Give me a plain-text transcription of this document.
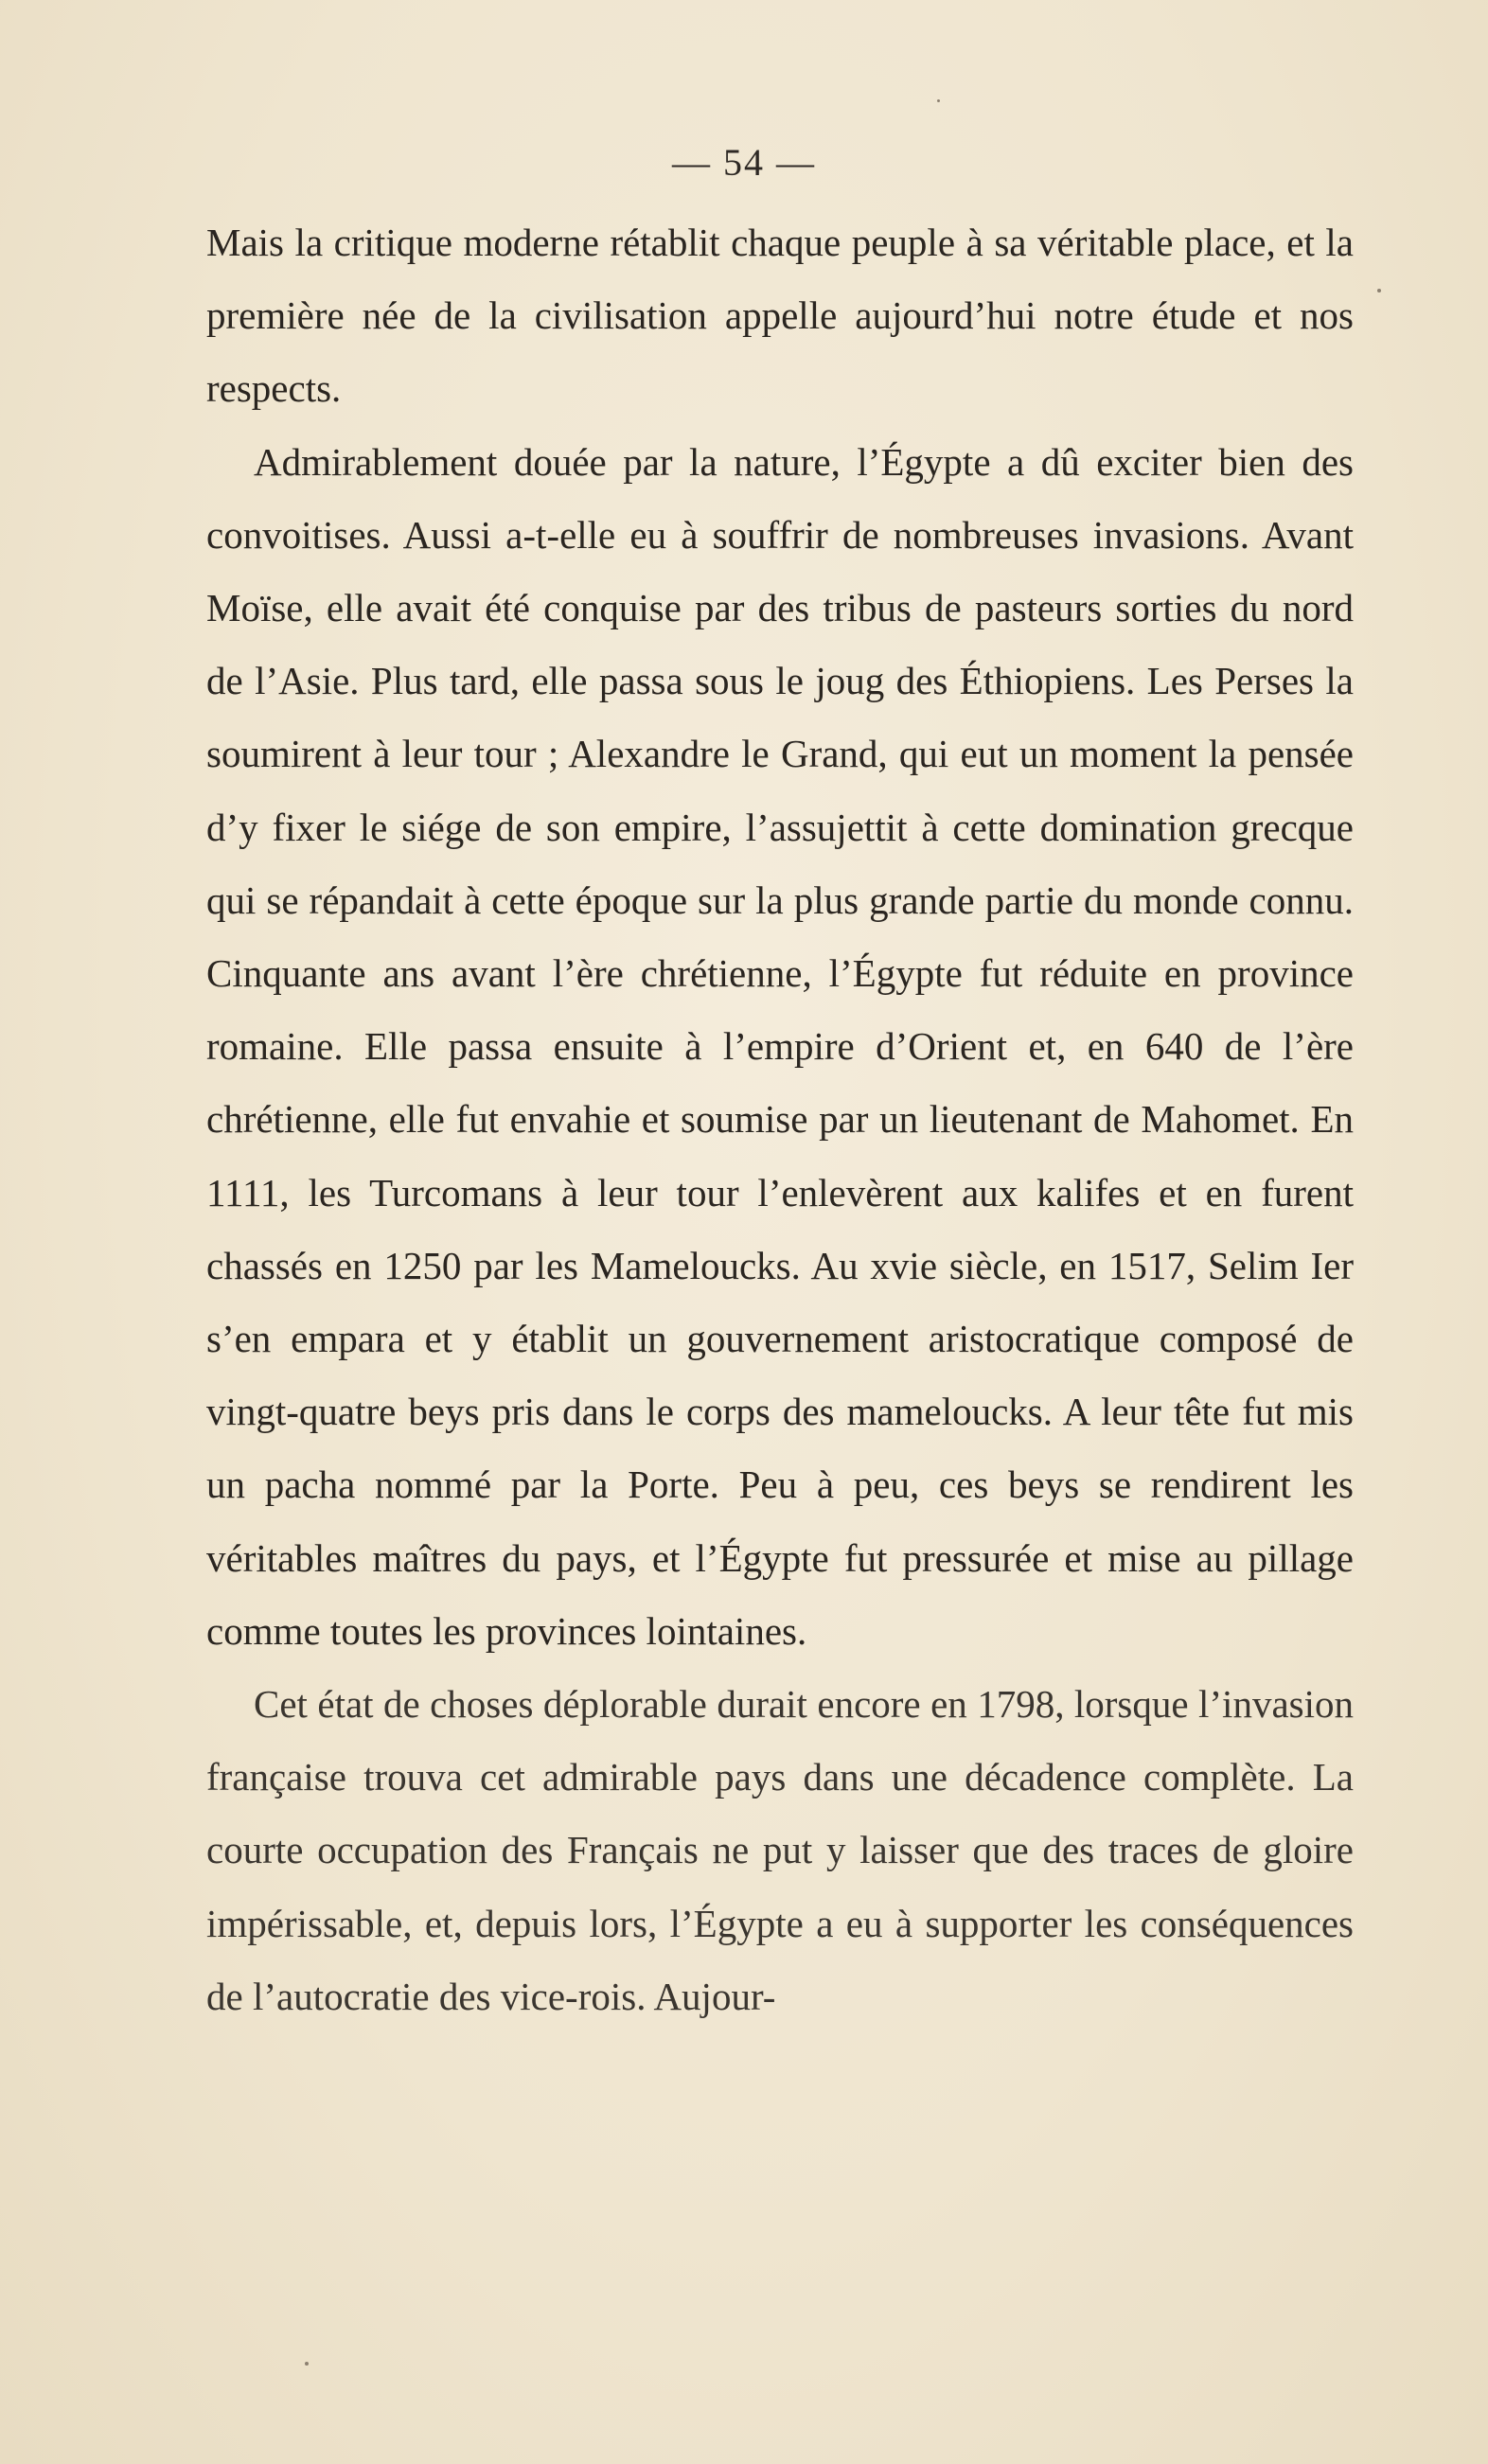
— 54 —

Mais la critique moderne rétablit chaque peuple à sa véritable place, et la première née de la civilisation appelle aujourd’hui notre étude et nos respects.

Admirablement douée par la nature, l’Égypte a dû exciter bien des convoitises. Aussi a-t-elle eu à souffrir de nombreuses invasions. Avant Moïse, elle avait été conquise par des tribus de pasteurs sorties du nord de l’Asie. Plus tard, elle passa sous le joug des Éthiopiens. Les Perses la soumirent à leur tour ; Alexandre le Grand, qui eut un moment la pensée d’y fixer le siége de son empire, l’assujettit à cette domination grecque qui se répandait à cette époque sur la plus grande partie du monde connu. Cinquante ans avant l’ère chrétienne, l’Égypte fut réduite en province romaine. Elle passa ensuite à l’empire d’Orient et, en 640 de l’ère chrétienne, elle fut envahie et soumise par un lieutenant de Mahomet. En 1111, les Turcomans à leur tour l’enlevèrent aux kalifes et en furent chassés en 1250 par les Mameloucks. Au xvie siècle, en 1517, Selim Ier s’en empara et y établit un gouvernement aristocratique composé de vingt-quatre beys pris dans le corps des mameloucks. A leur tête fut mis un pacha nommé par la Porte. Peu à peu, ces beys se rendirent les véritables maîtres du pays, et l’Égypte fut pressurée et mise au pillage comme toutes les provinces lointaines.

Cet état de choses déplorable durait encore en 1798, lorsque l’invasion française trouva cet admirable pays dans une décadence complète. La courte occupation des Français ne put y laisser que des traces de gloire impérissable, et, depuis lors, l’Égypte a eu à supporter les conséquences de l’autocratie des vice-rois. Aujour-
